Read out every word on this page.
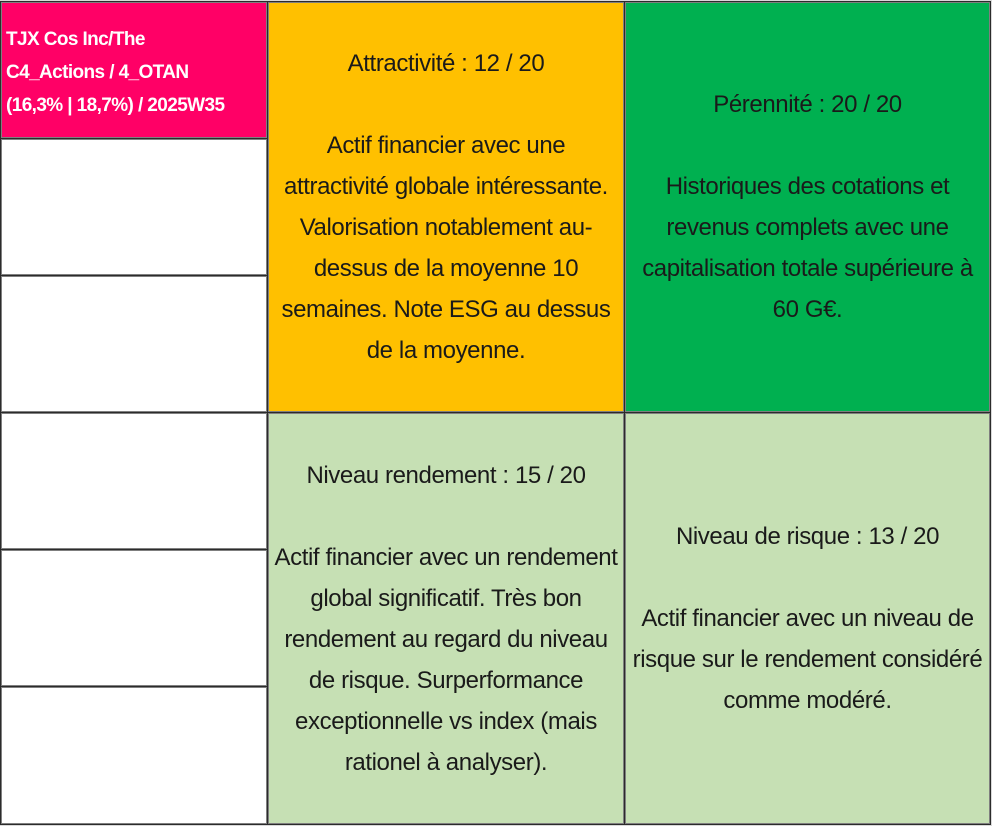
TJX Cos Inc/The
C4_Actions / 4_OTAN
(16,3% | 18,7%) / 2025W35
Attractivité : 12 / 20
Actif financier avec une attractivité globale intéressante. Valorisation notablement au-dessus de la moyenne 10 semaines. Note ESG au dessus de la moyenne.
Pérennité : 20 / 20
Historiques des cotations et revenus complets avec une capitalisation totale supérieure à 60 G€.
Niveau rendement : 15 / 20
Actif financier avec un rendement global significatif. Très bon rendement au regard du niveau de risque. Surperformance exceptionnelle vs index (mais rationel à analyser).
Niveau de risque : 13 / 20
Actif financier avec un niveau de risque sur le rendement considéré comme modéré.
